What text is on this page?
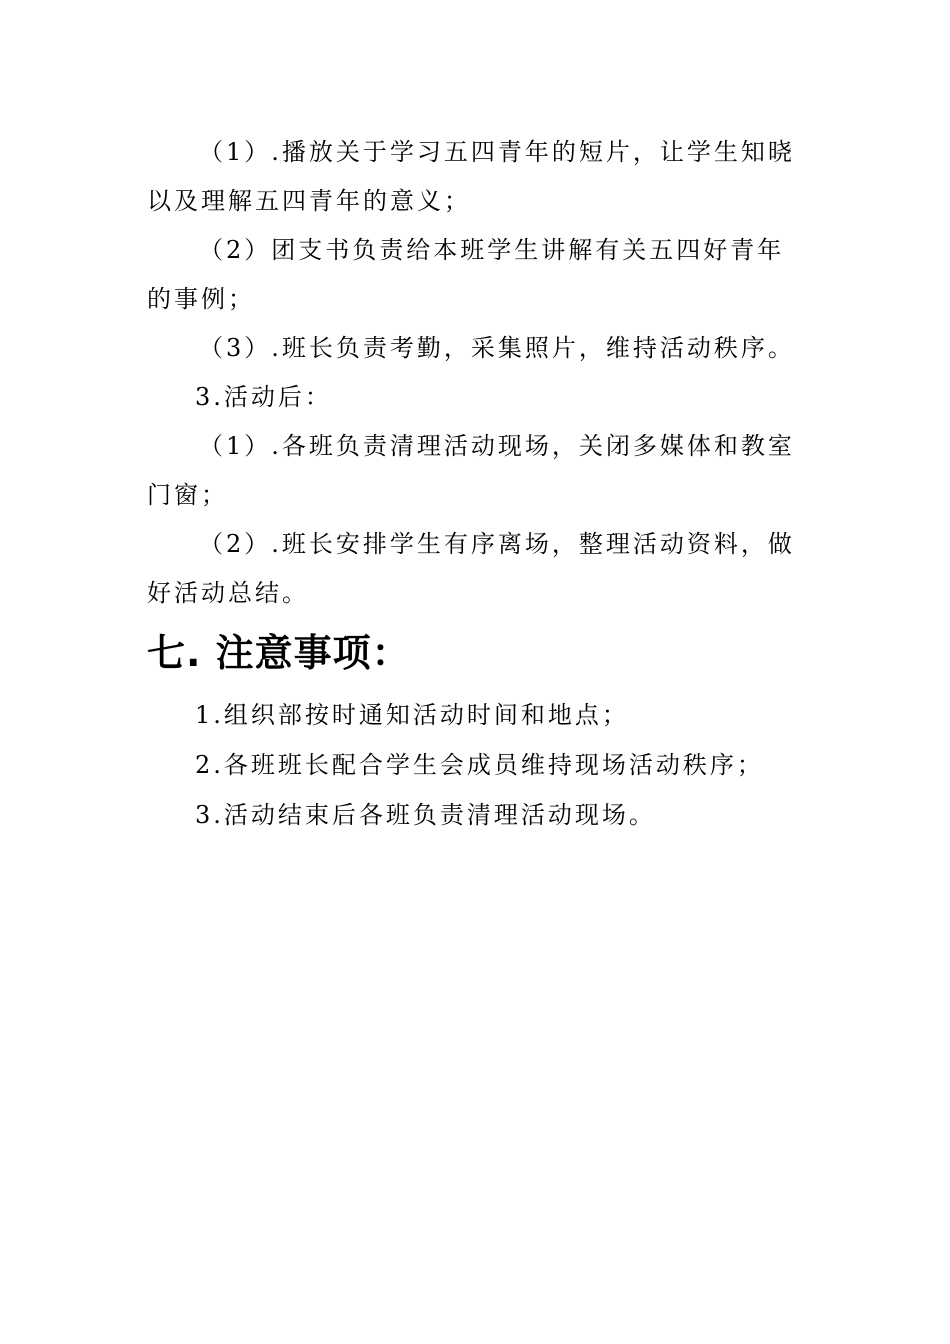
（1）.播放关于学习五四青年的短片，让学生知晓以及理解五四青年的意义；

（2）团支书负责给本班学生讲解有关五四好青年的事例；

（3）.班长负责考勤，采集照片，维持活动秩序。

3.活动后：

（1）.各班负责清理活动现场，关闭多媒体和教室门窗；

（2）.班长安排学生有序离场，整理活动资料，做好活动总结。

七. 注意事项：

1.组织部按时通知活动时间和地点；

2.各班班长配合学生会成员维持现场活动秩序；

3.活动结束后各班负责清理活动现场。
